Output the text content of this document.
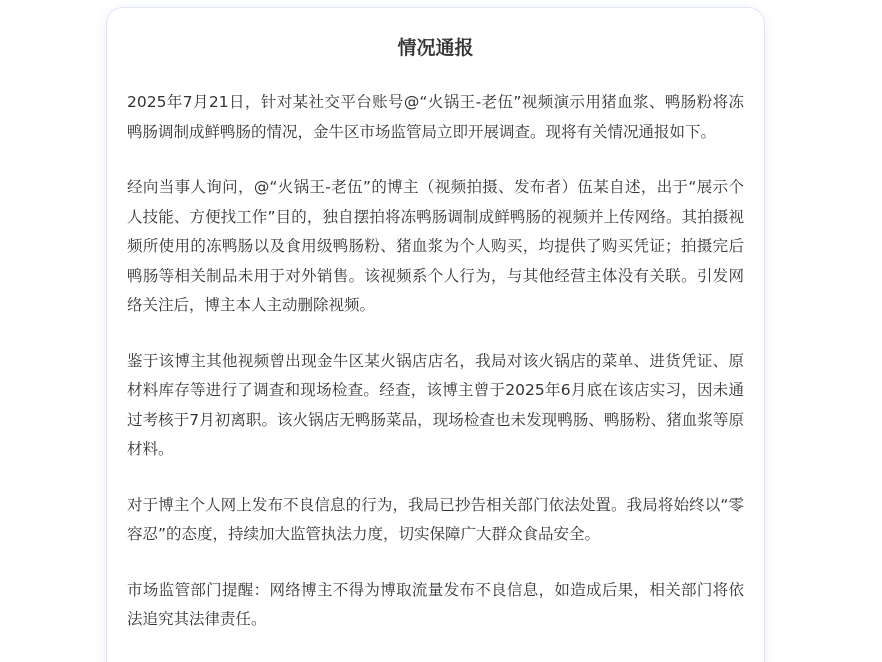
情况通报

2025年7月21日，针对某社交平台账号@“火锅王-老伍”视频演示用猪血浆、鸭肠粉将冻鸭肠调制成鲜鸭肠的情况，金牛区市场监管局立即开展调查。现将有关情况通报如下。

经向当事人询问，@“火锅王-老伍”的博主（视频拍摄、发布者）伍某自述，出于“展示个人技能、方便找工作”目的，独自摆拍将冻鸭肠调制成鲜鸭肠的视频并上传网络。其拍摄视频所使用的冻鸭肠以及食用级鸭肠粉、猪血浆为个人购买，均提供了购买凭证；拍摄完后鸭肠等相关制品未用于对外销售。该视频系个人行为，与其他经营主体没有关联。引发网络关注后，博主本人主动删除视频。

鉴于该博主其他视频曾出现金牛区某火锅店店名，我局对该火锅店的菜单、进货凭证、原材料库存等进行了调查和现场检查。经查，该博主曾于2025年6月底在该店实习，因未通过考核于7月初离职。该火锅店无鸭肠菜品，现场检查也未发现鸭肠、鸭肠粉、猪血浆等原材料。

对于博主个人网上发布不良信息的行为，我局已抄告相关部门依法处置。我局将始终以“零容忍”的态度，持续加大监管执法力度，切实保障广大群众食品安全。

市场监管部门提醒：网络博主不得为博取流量发布不良信息，如造成后果，相关部门将依法追究其法律责任。
